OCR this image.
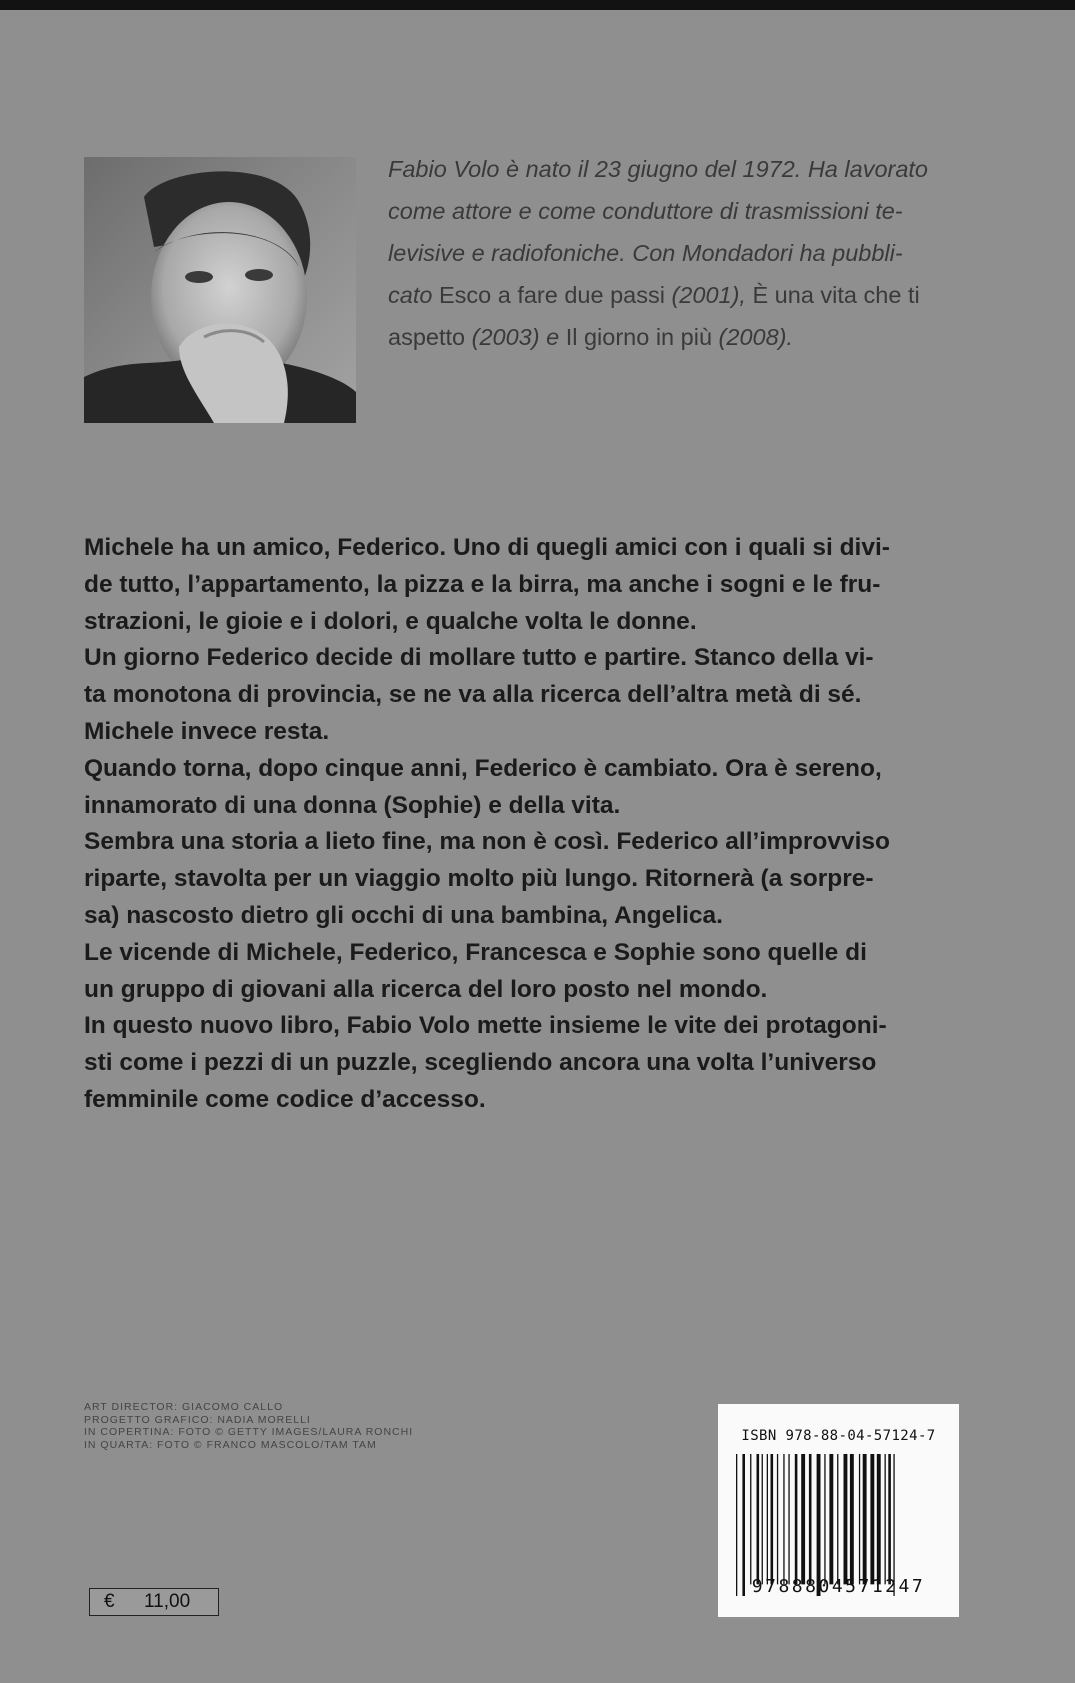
Fabio Volo è nato il 23 giugno del 1972. Ha lavorato
come attore e come conduttore di trasmissioni te-
levisive e radiofoniche. Con Mondadori ha pubbli-
cato Esco a fare due passi (2001), È una vita che ti
aspetto (2003) e Il giorno in più (2008).

Michele ha un amico, Federico. Uno di quegli amici con i quali si divi-

de tutto, l’appartamento, la pizza e la birra, ma anche i sogni e le fru-

strazioni, le gioie e i dolori, e qualche volta le donne.

Un giorno Federico decide di mollare tutto e partire. Stanco della vi-

ta monotona di provincia, se ne va alla ricerca dell’altra metà di sé.

Michele invece resta.

Quando torna, dopo cinque anni, Federico è cambiato. Ora è sereno,

innamorato di una donna (Sophie) e della vita.

Sembra una storia a lieto fine, ma non è così. Federico all’improvviso

riparte, stavolta per un viaggio molto più lungo. Ritornerà (a sorpre-

sa) nascosto dietro gli occhi di una bambina, Angelica.

Le vicende di Michele, Federico, Francesca e Sophie sono quelle di

un gruppo di giovani alla ricerca del loro posto nel mondo.

In questo nuovo libro, Fabio Volo mette insieme le vite dei protagoni-

sti come i pezzi di un puzzle, scegliendo ancora una volta l’universo

femminile come codice d’accesso.

ART DIRECTOR: GIACOMO CALLO
PROGETTO GRAFICO: NADIA MORELLI
IN COPERTINA: FOTO © GETTY IMAGES/LAURA RONCHI
IN QUARTA: FOTO © FRANCO MASCOLO/TAM TAM
€	11,00
ISBN 978-88-04-57124-7
9788804571247
